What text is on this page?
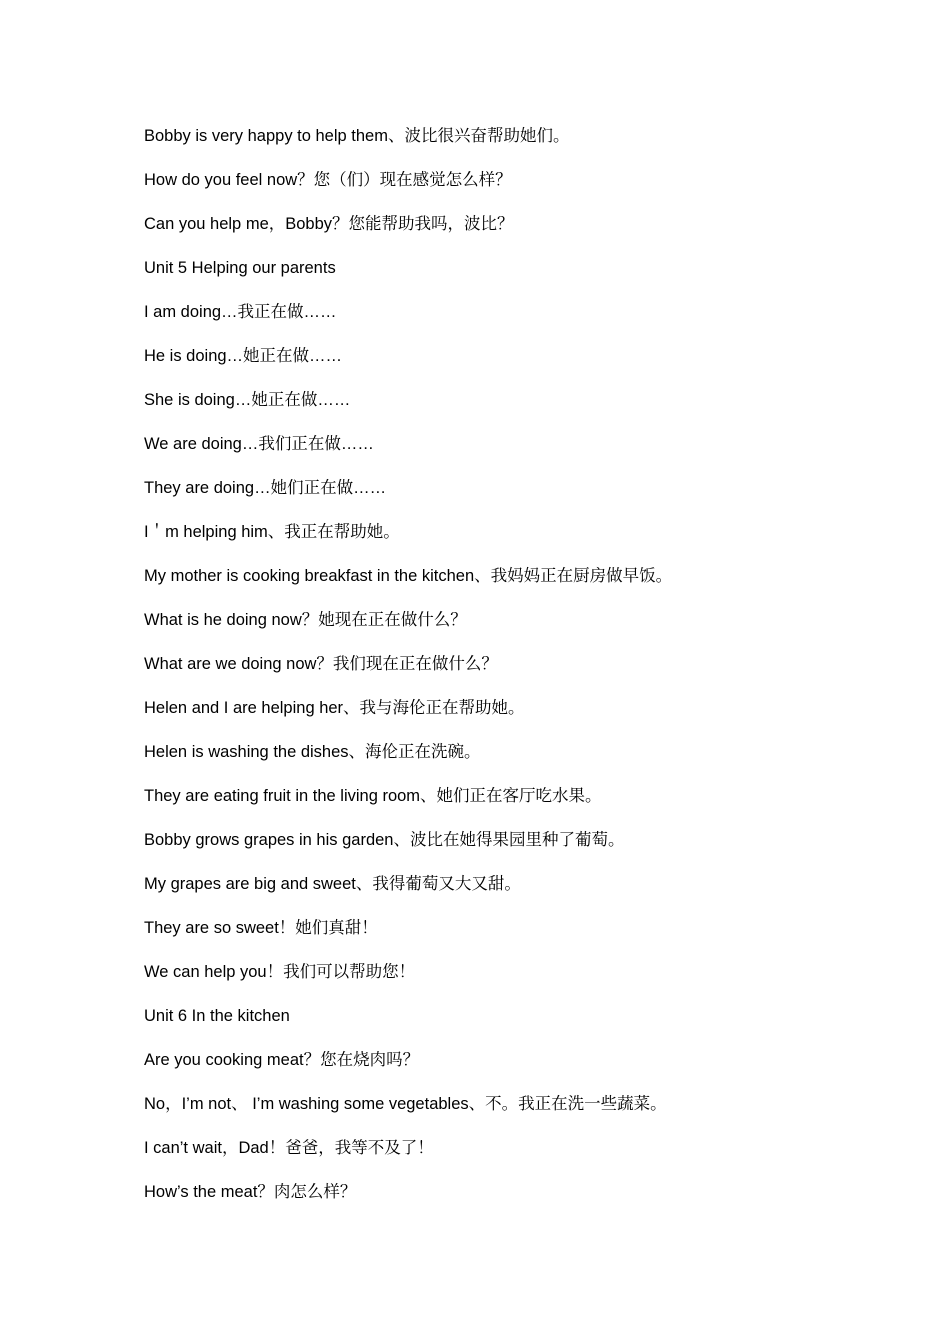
Bobby is very happy to help them、波比很兴奋帮助她们。
How do you feel now？您（们）现在感觉怎么样？
Can you help me，Bobby？您能帮助我吗，波比？
Unit 5 Helping our parents
I am doing…我正在做……
He is doing…她正在做……
She is doing…她正在做……
We are doing…我们正在做……
They are doing…她们正在做……
I＇m helping him、我正在帮助她。
My mother is cooking breakfast in the kitchen、我妈妈正在厨房做早饭。
What is he doing now？她现在正在做什么？
What are we doing now？我们现在正在做什么？
Helen and I are helping her、我与海伦正在帮助她。
Helen is washing the dishes、海伦正在洗碗。
They are eating fruit in the living room、她们正在客厅吃水果。
Bobby grows grapes in his garden、波比在她得果园里种了葡萄。
My grapes are big and sweet、我得葡萄又大又甜。
They are so sweet！她们真甜！
We can help you！我们可以帮助您！
Unit 6 In the kitchen
Are you cooking meat？您在烧肉吗？
No，I’m not、 I’m washing some vegetables、不。我正在洗一些蔬菜。
I can’t wait，Dad！爸爸，我等不及了！
How’s the meat？肉怎么样？
